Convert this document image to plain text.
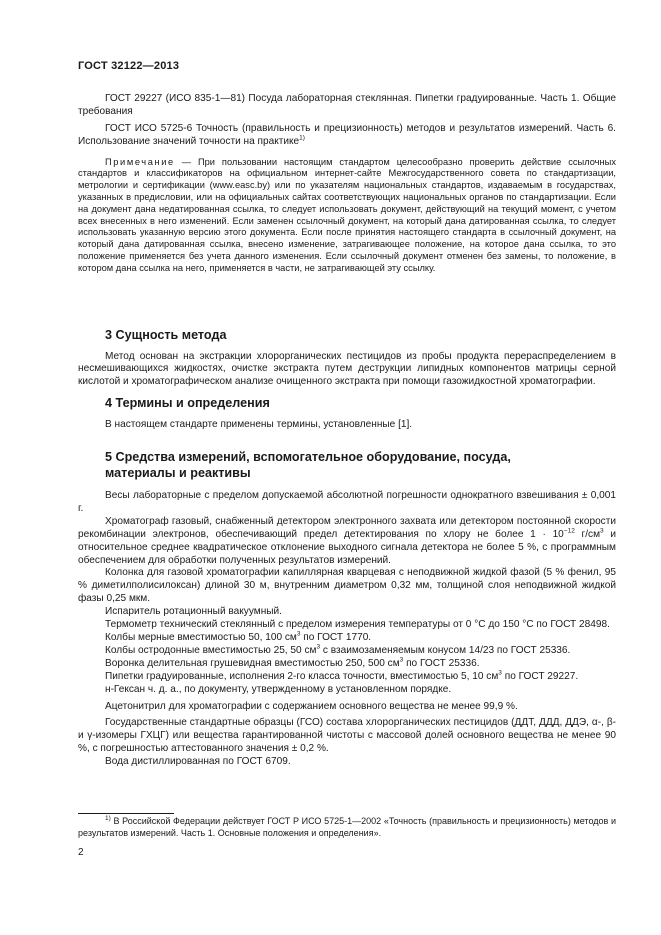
ГОСТ 32122—2013

ГОСТ 29227 (ИСО 835-1—81) Посуда лабораторная стеклянная. Пипетки градуированные. Часть 1. Общие требования

ГОСТ ИСО 5725-6 Точность (правильность и прецизионность) методов и результатов измерений. Часть 6. Использование значений точности на практике$^{1)}$

Примечание — При пользовании настоящим стандартом целесообразно проверить действие ссылочных стандартов и классификаторов на официальном интернет-сайте Межгосударственного совета по стандартизации, метрологии и сертификации (www.easc.by) или по указателям национальных стандартов, издаваемым в государствах, указанных в предисловии, или на официальных сайтах соответствующих национальных органов по стандартизации. Если на документ дана недатированная ссылка, то следует использовать документ, действующий на текущий момент, с учетом всех внесенных в него изменений. Если заменен ссылочный документ, на который дана датированная ссылка, то следует использовать указанную версию этого документа. Если после принятия настоящего стандарта в ссылочный документ, на который дана датированная ссылка, внесено изменение, затрагивающее положение, на которое дана ссылка, то это положение применяется без учета данного изменения. Если ссылочный документ отменен без замены, то положение, в котором дана ссылка на него, применяется в части, не затрагивающей эту ссылку.

3 Сущность метода

Метод основан на экстракции хлорорганических пестицидов из пробы продукта перераспределением в несмешивающихся жидкостях, очистке экстракта путем деструкции липидных компонентов матрицы серной кислотой и хроматографическом анализе очищенного экстракта при помощи газожидкостной хроматографии.

4 Термины и определения

В настоящем стандарте применены термины, установленные [1].

5 Средства измерений, вспомогательное оборудование, посуда,
материалы и реактивы

Весы лабораторные с пределом допускаемой абсолютной погрешности однократного взвешивания ± 0,001 г.

Хроматограф газовый, снабженный детектором электронного захвата или детектором постоянной скорости рекомбинации электронов, обеспечивающий предел детектирования по хлору не более $1 \cdot 10^{-12}$ $г/см^3$ и относительное среднее квадратическое отклонение выходного сигнала детектора не более 5 %, с программным обеспечением для обработки полученных результатов измерений.

Колонка для газовой хроматографии капиллярная кварцевая с неподвижной жидкой фазой (5 % фенил, 95 % диметилполисилоксан) длиной 30 м, внутренним диаметром 0,32 мм, толщиной слоя неподвижной жидкой фазы 0,25 мкм.

Испаритель ротационный вакуумный.

Термометр технический стеклянный с пределом измерения температуры от 0 °С до 150 °С по ГОСТ 28498.

Колбы мерные вместимостью 50, 100 $см^3$ по ГОСТ 1770.

Колбы остродонные вместимостью 25, 50 $см^3$ с взаимозаменяемым конусом 14/23 по ГОСТ 25336.

Воронка делительная грушевидная вместимостью 250, 500 $см^3$ по ГОСТ 25336.

Пипетки градуированные, исполнения 2-го класса точности, вместимостью 5, 10 $см^3$ по ГОСТ 29227.

н-Гексан ч. д. а., по документу, утвержденному в установленном порядке.

Ацетонитрил для хроматографии с содержанием основного вещества не менее 99,9 %.

Государственные стандартные образцы (ГСО) состава хлорорганических пестицидов (ДДТ, ДДД, ДДЭ, α-, β- и γ-изомеры ГХЦГ) или вещества гарантированной чистоты с массовой долей основного вещества не менее 90 %, с погрешностью аттестованного значения ± 0,2 %.

Вода дистиллированная по ГОСТ 6709.

$^{1)}$ В Российской Федерации действует ГОСТ Р ИСО 5725-1—2002 «Точность (правильность и прецизионность) методов и результатов измерений. Часть 1. Основные положения и определения».

2
